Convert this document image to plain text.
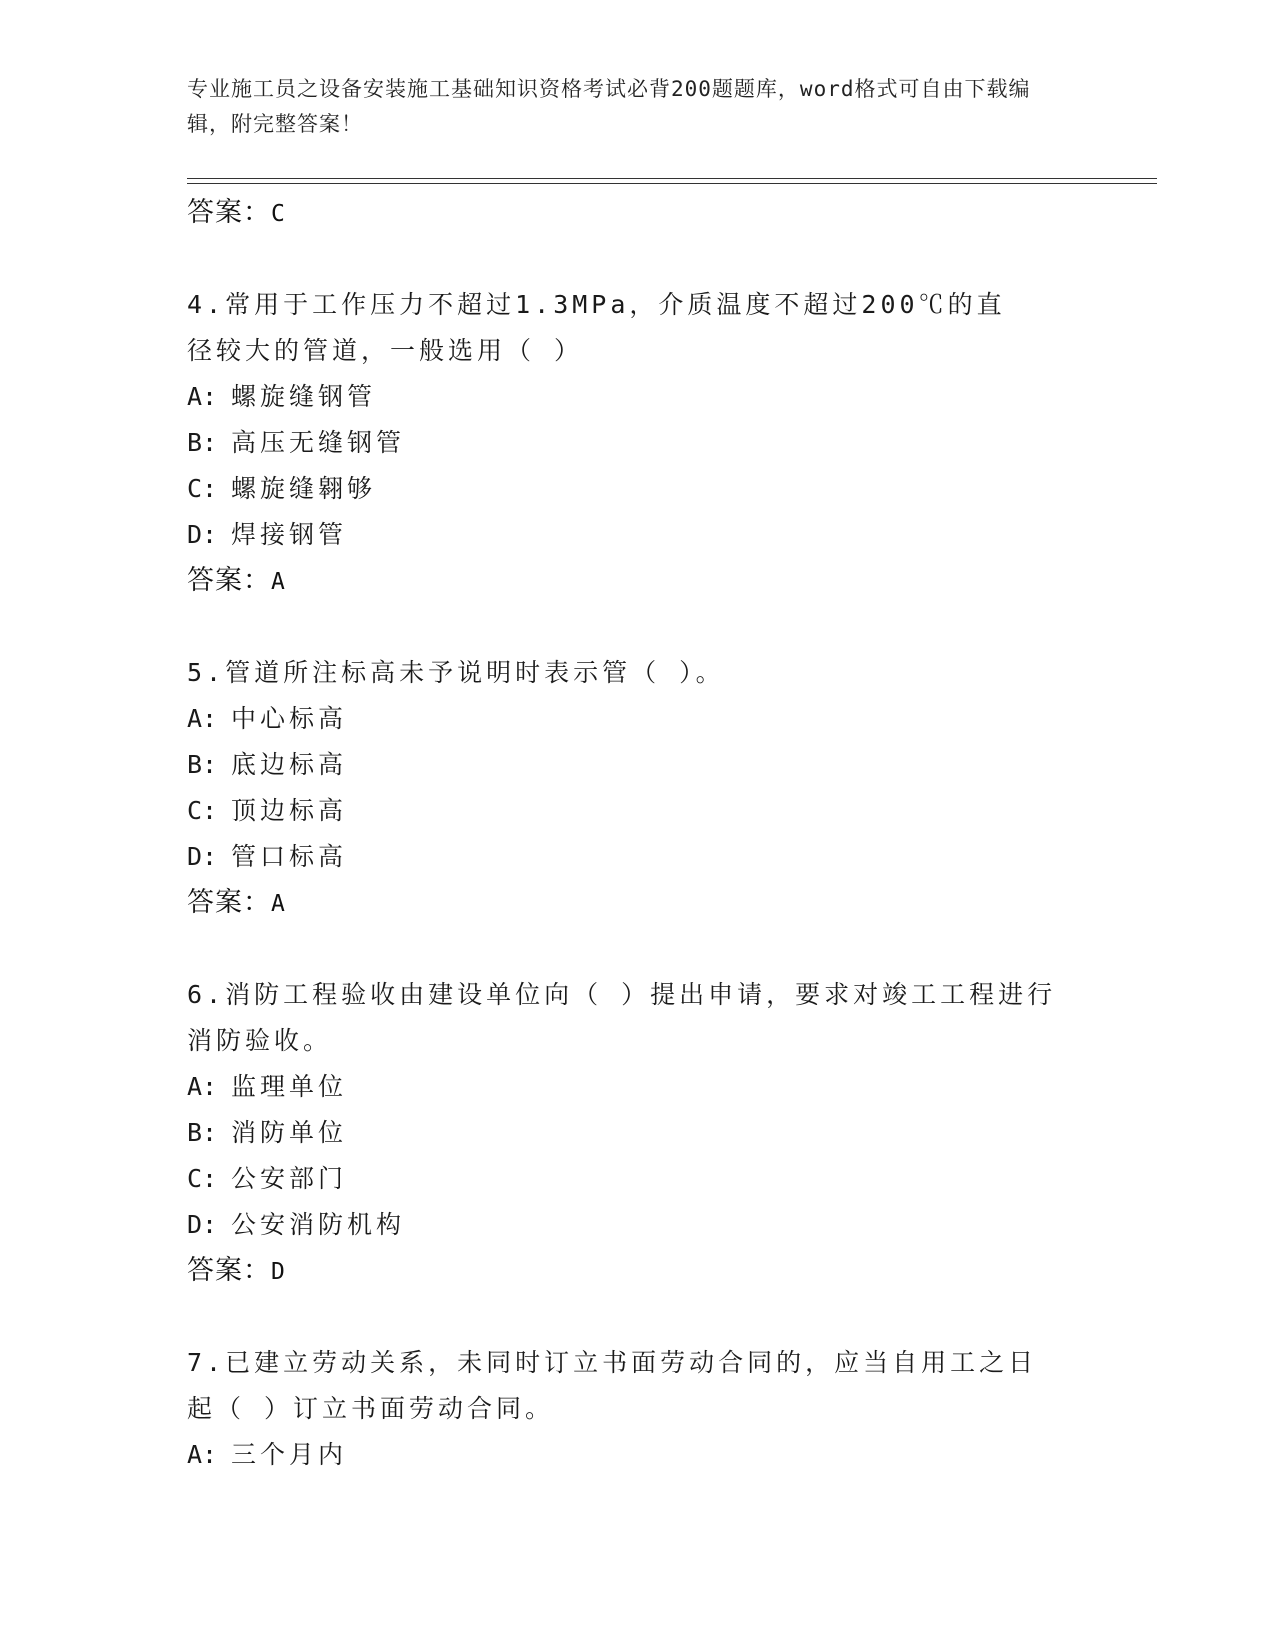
专业施工员之设备安装施工基础知识资格考试必背200题题库，word格式可自由下载编辑，附完整答案！
答案：C
4.常用于工作压力不超过1.3MPa，介质温度不超过200℃的直径较大的管道，一般选用（ ）
A: 螺旋缝钢管
B: 高压无缝钢管
C: 螺旋缝翱够
D: 焊接钢管
答案：A
5.管道所注标高未予说明时表示管（ ）。
A: 中心标高
B: 底边标高
C: 顶边标高
D: 管口标高
答案：A
6.消防工程验收由建设单位向（ ）提出申请，要求对竣工工程进行消防验收。
A: 监理单位
B: 消防单位
C: 公安部门
D: 公安消防机构
答案：D
7.已建立劳动关系，未同时订立书面劳动合同的，应当自用工之日起（ ）订立书面劳动合同。
A: 三个月内
